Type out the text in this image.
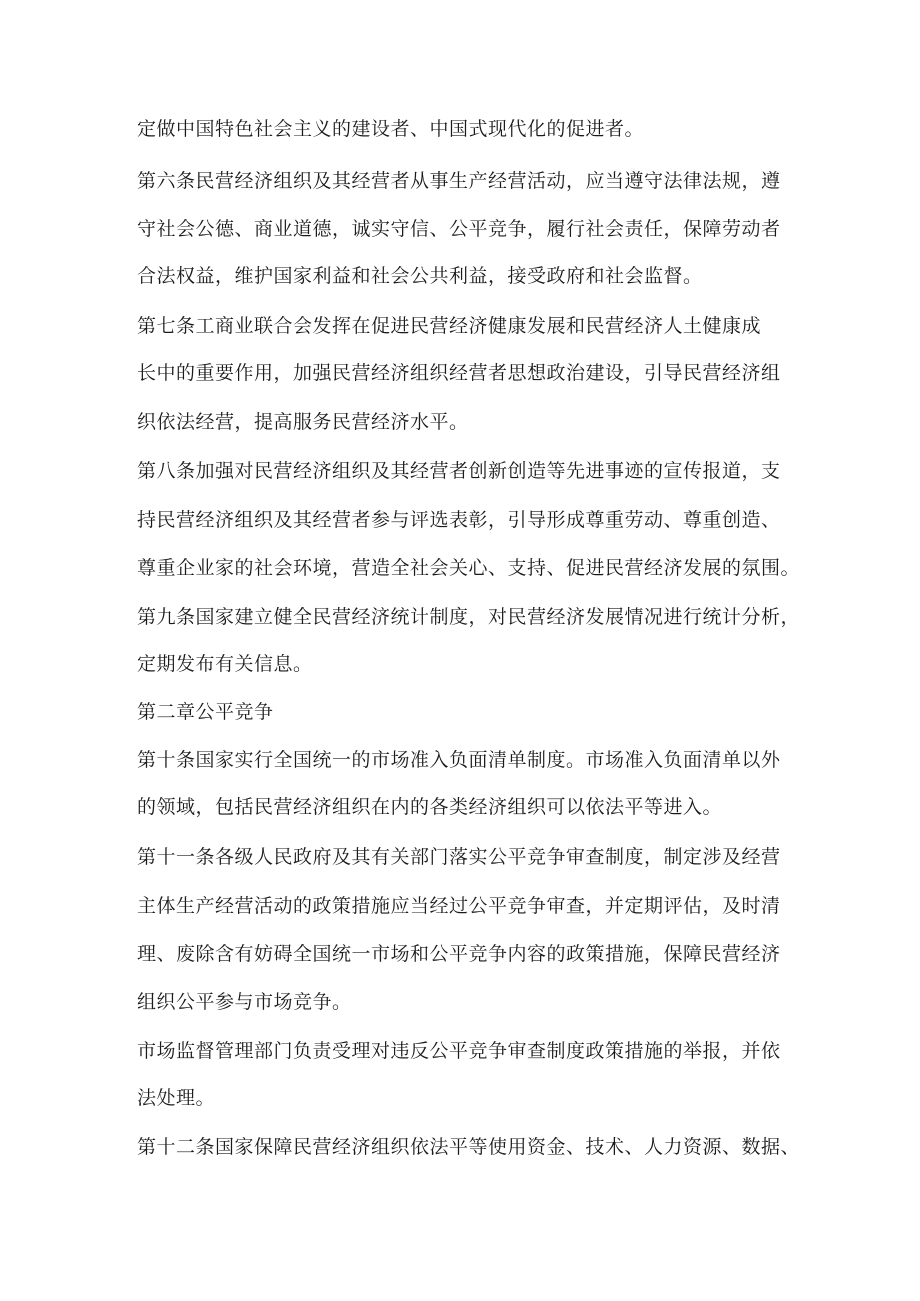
定做中国特色社会主义的建设者、中国式现代化的促进者。
第六条民营经济组织及其经营者从事生产经营活动，应当遵守法律法规，遵
守社会公德、商业道德，诚实守信、公平竞争，履行社会责任，保障劳动者
合法权益，维护国家利益和社会公共利益，接受政府和社会监督。
第七条工商业联合会发挥在促进民营经济健康发展和民营经济人土健康成
长中的重要作用，加强民营经济组织经营者思想政治建设，引导民营经济组
织依法经营，提高服务民营经济水平。
第八条加强对民营经济组织及其经营者创新创造等先进事迹的宣传报道，支
持民营经济组织及其经营者参与评选表彰，引导形成尊重劳动、尊重创造、
尊重企业家的社会环境，营造全社会关心、支持、促进民营经济发展的氛围。
第九条国家建立健全民营经济统计制度，对民营经济发展情况进行统计分析，
定期发布有关信息。
第二章公平竞争
第十条国家实行全国统一的市场准入负面清单制度。市场准入负面清单以外
的领域，包括民营经济组织在内的各类经济组织可以依法平等进入。
第十一条各级人民政府及其有关部门落实公平竞争审查制度，制定涉及经营
主体生产经营活动的政策措施应当经过公平竞争审查，并定期评估，及时清
理、废除含有妨碍全国统一市场和公平竞争内容的政策措施，保障民营经济
组织公平参与市场竞争。
市场监督管理部门负责受理对违反公平竞争审查制度政策措施的举报，并依
法处理。
第十二条国家保障民营经济组织依法平等使用资金、技术、人力资源、数据、
